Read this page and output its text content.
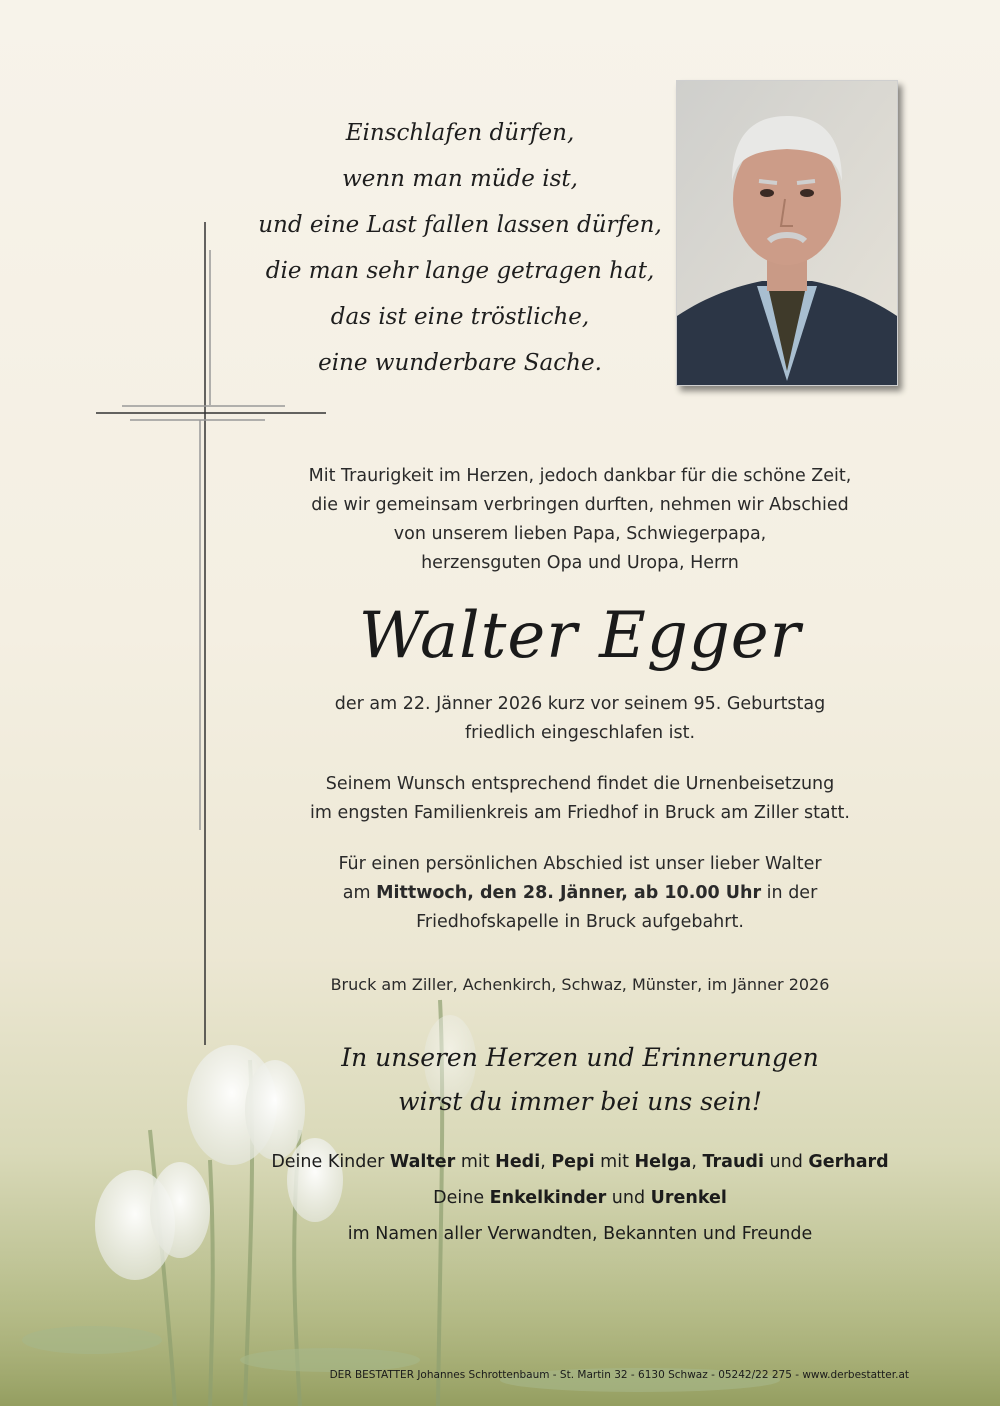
Einschlafen dürfen,
wenn man müde ist,
und eine Last fallen lassen dürfen,
die man sehr lange getragen hat,
das ist eine tröstliche,
eine wunderbare Sache.
Mit Traurigkeit im Herzen, jedoch dankbar für die schöne Zeit,
die wir gemeinsam verbringen durften, nehmen wir Abschied
von unserem lieben Papa, Schwiegerpapa,
herzensguten Opa und Uropa, Herrn
Walter Egger
der am 22. Jänner 2026 kurz vor seinem 95. Geburtstag
friedlich eingeschlafen ist.
Seinem Wunsch entsprechend findet die Urnenbeisetzung
im engsten Familienkreis am Friedhof in Bruck am Ziller statt.
Für einen persönlichen Abschied ist unser lieber Walter
am Mittwoch, den 28. Jänner, ab 10.00 Uhr in der
Friedhofskapelle in Bruck aufgebahrt.
Bruck am Ziller, Achenkirch, Schwaz, Münster, im Jänner 2026
In unseren Herzen und Erinnerungen
wirst du immer bei uns sein!
Deine Kinder Walter mit Hedi, Pepi mit Helga, Traudi und Gerhard
Deine Enkelkinder und Urenkel
im Namen aller Verwandten, Bekannten und Freunde
DER BESTATTER Johannes Schrottenbaum - St. Martin 32 - 6130 Schwaz - 05242/22 275 - www.derbestatter.at
